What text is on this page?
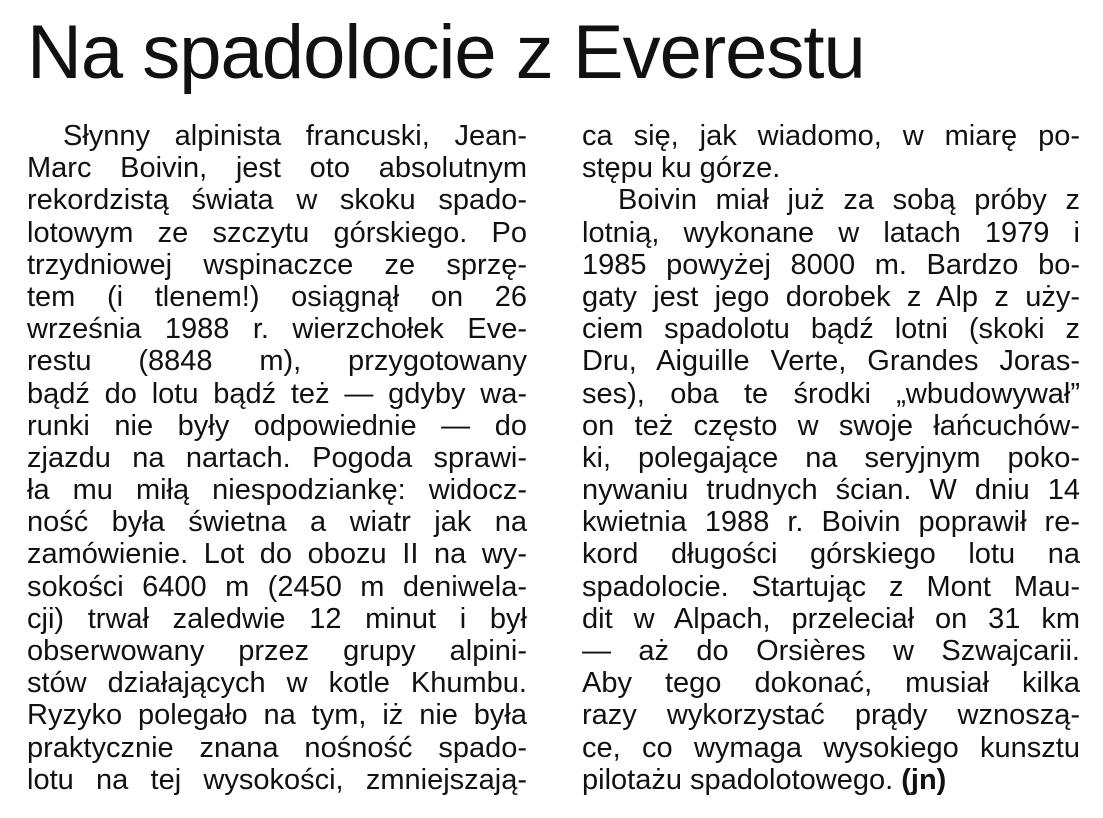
Na spadolocie z Everestu
Słynny alpinista francuski, Jean-
Marc Boivin, jest oto absolutnym
rekordzistą świata w skoku spado-
lotowym ze szczytu górskiego. Po
trzydniowej wspinaczce ze sprzę-
tem (i tlenem!) osiągnął on 26
września 1988 r. wierzchołek Eve-
restu (8848 m), przygotowany
bądź do lotu bądź też — gdyby wa-
runki nie były odpowiednie — do
zjazdu na nartach. Pogoda sprawi-
ła mu miłą niespodziankę: widocz-
ność była świetna a wiatr jak na
zamówienie. Lot do obozu II na wy-
sokości 6400 m (2450 m deniwela-
cji) trwał zaledwie 12 minut i był
obserwowany przez grupy alpini-
stów działających w kotle Khumbu.
Ryzyko polegało na tym, iż nie była
praktycznie znana nośność spado-
lotu na tej wysokości, zmniejszają-
ca się, jak wiadomo, w miarę po-
stępu ku górze.
Boivin miał już za sobą próby z
lotnią, wykonane w latach 1979 i
1985 powyżej 8000 m. Bardzo bo-
gaty jest jego dorobek z Alp z uży-
ciem spadolotu bądź lotni (skoki z
Dru, Aiguille Verte, Grandes Joras-
ses), oba te środki „wbudowywał”
on też często w swoje łańcuchów-
ki, polegające na seryjnym poko-
nywaniu trudnych ścian. W dniu 14
kwietnia 1988 r. Boivin poprawił re-
kord długości górskiego lotu na
spadolocie. Startując z Mont Mau-
dit w Alpach, przeleciał on 31 km
— aż do Orsières w Szwajcarii.
Aby tego dokonać, musiał kilka
razy wykorzystać prądy wznoszą-
ce, co wymaga wysokiego kunsztu
pilotażu spadolotowego. (jn)
